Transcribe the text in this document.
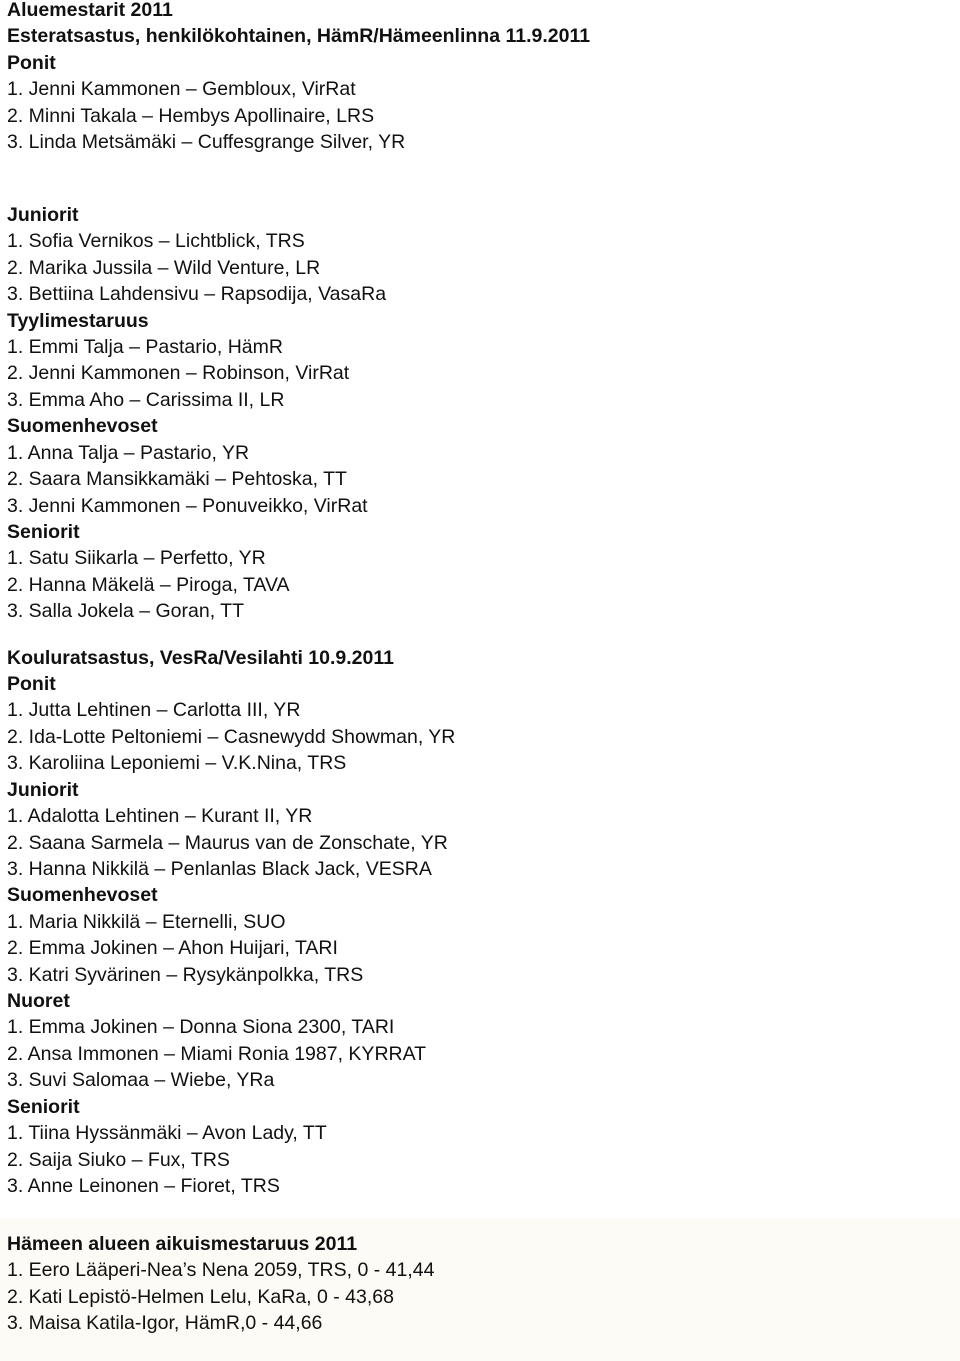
Aluemestarit 2011
Esteratsastus, henkilökohtainen, HämR/Hämeenlinna 11.9.2011
Ponit
1. Jenni Kammonen – Gembloux, VirRat
2. Minni Takala – Hembys Apollinaire, LRS
3. Linda Metsämäki – Cuffesgrange Silver, YR
Juniorit
1. Sofia Vernikos – Lichtblick, TRS
2. Marika Jussila – Wild Venture, LR
3. Bettiina Lahdensivu – Rapsodija, VasaRa
Tyylimestaruus
1. Emmi Talja – Pastario, HämR
2. Jenni Kammonen – Robinson, VirRat
3. Emma Aho – Carissima II, LR
Suomenhevoset
1. Anna Talja – Pastario, YR
2. Saara Mansikkamäki – Pehtoska, TT
3. Jenni Kammonen – Ponuveikko, VirRat
Seniorit
1. Satu Siikarla – Perfetto, YR
2. Hanna Mäkelä – Piroga, TAVA
3. Salla Jokela – Goran, TT
Kouluratsastus, VesRa/Vesilahti 10.9.2011
Ponit
1. Jutta Lehtinen – Carlotta III, YR
2. Ida-Lotte Peltoniemi – Casnewydd Showman, YR
3. Karoliina Leponiemi – V.K.Nina, TRS
Juniorit
1. Adalotta Lehtinen – Kurant II, YR
2. Saana Sarmela – Maurus van de Zonschate, YR
3. Hanna Nikkilä – Penlanlas Black Jack, VESRA
Suomenhevoset
1. Maria Nikkilä – Eternelli, SUO
2. Emma Jokinen – Ahon Huijari, TARI
3. Katri Syvärinen – Rysykänpolkka, TRS
Nuoret
1. Emma Jokinen – Donna Siona 2300, TARI
2. Ansa Immonen – Miami Ronia 1987, KYRRAT
3. Suvi Salomaa – Wiebe, YRa
Seniorit
1. Tiina Hyssänmäki – Avon Lady, TT
2. Saija Siuko – Fux, TRS
3. Anne Leinonen – Fioret, TRS
Hämeen alueen aikuismestaruus 2011
1. Eero Lääperi-Nea’s Nena 2059, TRS, 0 - 41,44
2. Kati Lepistö-Helmen Lelu, KaRa, 0 - 43,68
3. Maisa Katila-Igor, HämR,0 - 44,66
